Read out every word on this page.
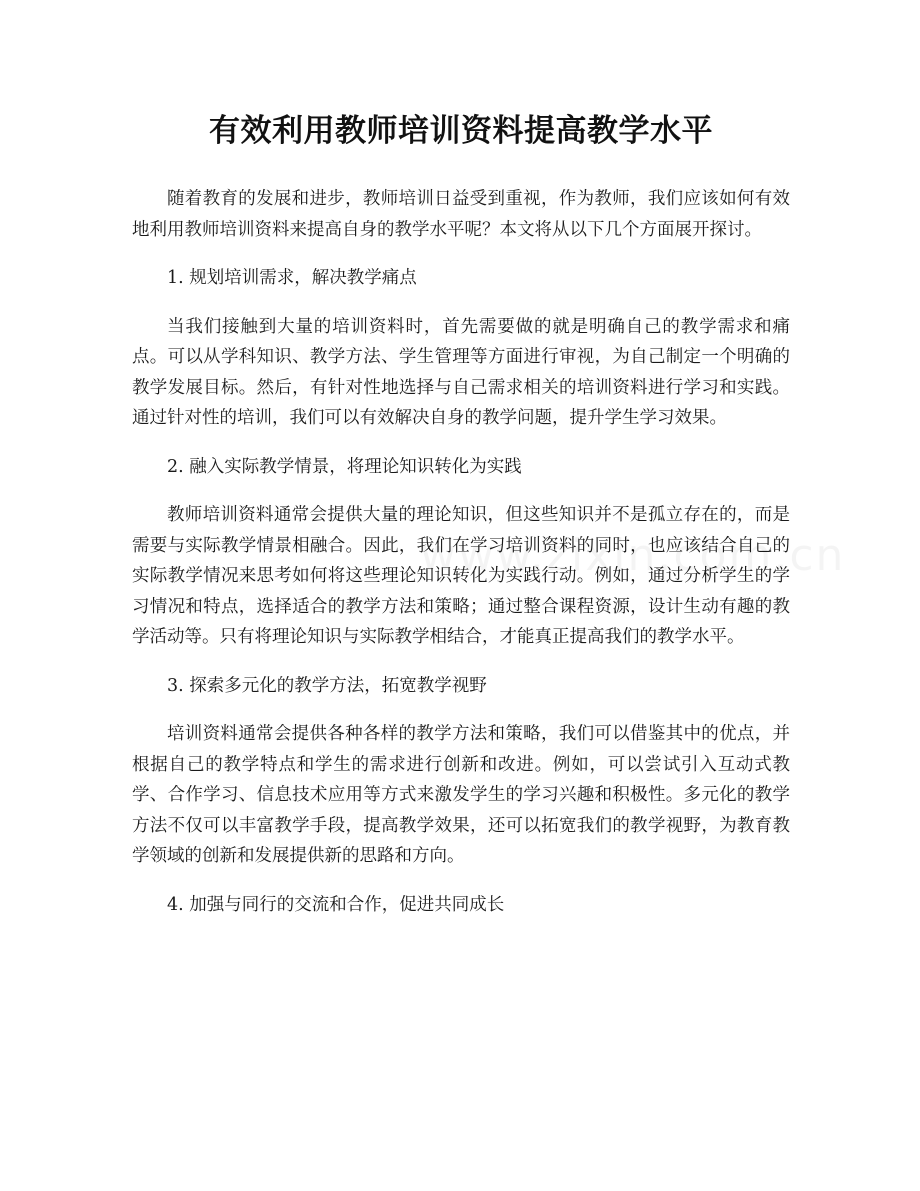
有效利用教师培训资料提高教学水平

随着教育的发展和进步，教师培训日益受到重视，作为教师，我们应该如何有效地利用教师培训资料来提高自身的教学水平呢？本文将从以下几个方面展开探讨。

1. 规划培训需求，解决教学痛点

当我们接触到大量的培训资料时，首先需要做的就是明确自己的教学需求和痛点。可以从学科知识、教学方法、学生管理等方面进行审视，为自己制定一个明确的教学发展目标。然后，有针对性地选择与自己需求相关的培训资料进行学习和实践。通过针对性的培训，我们可以有效解决自身的教学问题，提升学生学习效果。

2. 融入实际教学情景，将理论知识转化为实践

教师培训资料通常会提供大量的理论知识，但这些知识并不是孤立存在的，而是需要与实际教学情景相融合。因此，我们在学习培训资料的同时，也应该结合自己的实际教学情况来思考如何将这些理论知识转化为实践行动。例如，通过分析学生的学习情况和特点，选择适合的教学方法和策略；通过整合课程资源，设计生动有趣的教学活动等。只有将理论知识与实际教学相结合，才能真正提高我们的教学水平。

3. 探索多元化的教学方法，拓宽教学视野

培训资料通常会提供各种各样的教学方法和策略，我们可以借鉴其中的优点，并根据自己的教学特点和学生的需求进行创新和改进。例如，可以尝试引入互动式教学、合作学习、信息技术应用等方式来激发学生的学习兴趣和积极性。多元化的教学方法不仅可以丰富教学手段，提高教学效果，还可以拓宽我们的教学视野，为教育教学领域的创新和发展提供新的思路和方向。

4. 加强与同行的交流和合作，促进共同成长
